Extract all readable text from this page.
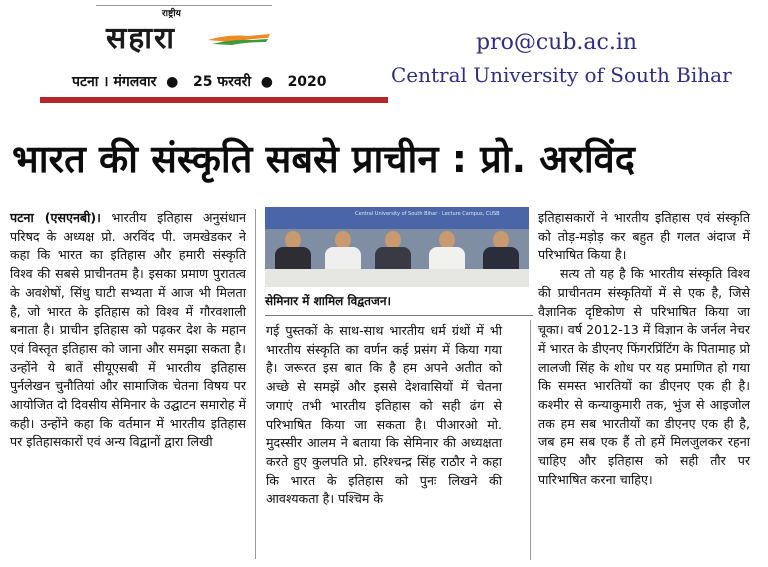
राष्ट्रीय
सहारा
पटना । मंगलवार  ●   25 फरवरी  ●   2020
pro@cub.ac.in
Central University of South Bihar
भारत की संस्कृति सबसे प्राचीन : प्रो. अरविंद

पटना (एसएनबी)। भारतीय इतिहास अनुसंधान परिषद के अध्यक्ष प्रो. अरविंद पी. जमखेडकर ने कहा कि भारत का इतिहास और हमारी संस्कृति विश्व की सबसे प्राचीनतम है। इसका प्रमाण पुरातत्व के अवशेषों, सिंधु घाटी सभ्यता में आज भी मिलता है, जो भारत के इतिहास को विश्व में गौरवशाली बनाता है। प्राचीन इतिहास को पढ़कर देश के महान एवं विस्तृत इतिहास को जाना और समझा सकता है। उन्होंने ये बातें सीयूएसबी में भारतीय इतिहास पुर्नलेखन चुनौतियां और सामाजिक चेतना विषय पर आयोजित दो दिवसीय सेमिनार के उद्घाटन समारोह में कही। उन्होंने कहा कि वर्तमान में भारतीय इतिहास पर इतिहासकारों एवं अन्य विद्वानों द्वारा लिखी

Central University of South Bihar · Lecture Campus, CUSB
सेमिनार में शामिल विद्वतजन।

गई पुस्तकों के साथ-साथ भारतीय धर्म ग्रंथों में भी भारतीय संस्कृति का वर्णन कई प्रसंग में किया गया है। जरूरत इस बात कि है हम अपने अतीत को अच्छे से समझें और इससे देशवासियों में चेतना जगाएं तभी भारतीय इतिहास को सही ढंग से परिभाषित किया जा सकता है। पीआरओ मो. मुदस्सीर आलम ने बताया कि सेमिनार की अध्यक्षता करते हुए कुलपति प्रो. हरिश्चन्द्र सिंह राठौर ने कहा कि भारत के इतिहास को पुनः लिखने की आवश्यकता है। पश्चिम के

इतिहासकारों ने भारतीय इतिहास एवं संस्कृति को तोड़-मड़ोड़ कर बहुत ही गलत अंदाज में परिभाषित किया है।

सत्य तो यह है कि भारतीय संस्कृति विश्व की प्राचीनतम संस्कृतियों में से एक है, जिसे वैज्ञानिक दृष्टिकोण से परिभाषित किया जा चूका। वर्ष 2012-13 में विज्ञान के जर्नल नेचर में भारत के डीएनए फिंगरप्रिंटिंग के पितामाह प्रो लालजी सिंह के शोध पर यह प्रमाणित हो गया कि समस्त भारतियों का डीएनए एक ही है। कश्मीर से कन्याकुमारी तक, भुंज से आइजोल तक हम सब भारतीयों का डीएनए एक ही है, जब हम सब एक हैं तो हमें मिलजुलकर रहना चाहिए और इतिहास को सही तौर पर पारिभाषित करना चाहिए।
